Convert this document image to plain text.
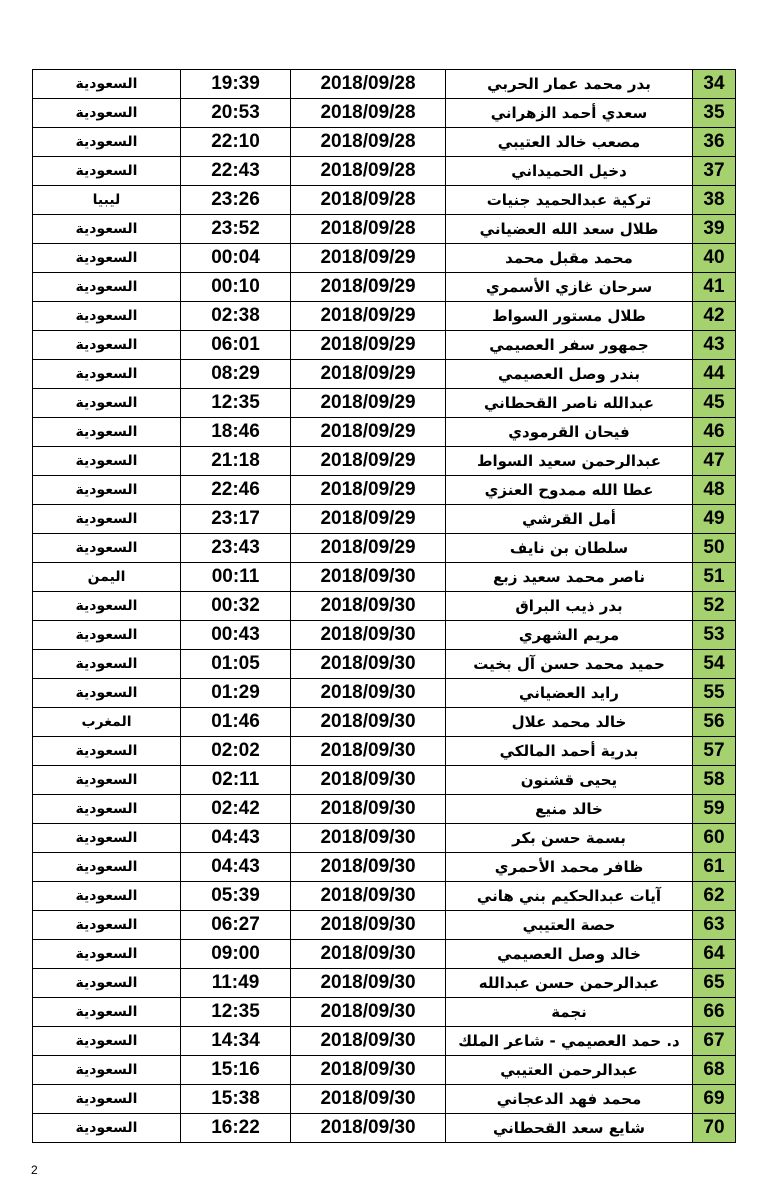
السعودية	19:39	2018/09/28	بدر محمد عمار الحربي	34
السعودية	20:53	2018/09/28	سعدي أحمد الزهراني	35
السعودية	22:10	2018/09/28	مصعب خالد العتيبي	36
السعودية	22:43	2018/09/28	دخيل الحميداني	37
ليبيا	23:26	2018/09/28	تركية عبدالحميد جنيات	38
السعودية	23:52	2018/09/28	طلال سعد الله العضياني	39
السعودية	00:04	2018/09/29	محمد مقبل محمد	40
السعودية	00:10	2018/09/29	سرحان غازي الأسمري	41
السعودية	02:38	2018/09/29	طلال مستور السواط	42
السعودية	06:01	2018/09/29	جمهور سفر العصيمي	43
السعودية	08:29	2018/09/29	بندر وصل العصيمي	44
السعودية	12:35	2018/09/29	عبدالله ناصر القحطاني	45
السعودية	18:46	2018/09/29	فيحان القرمودي	46
السعودية	21:18	2018/09/29	عبدالرحمن سعيد السواط	47
السعودية	22:46	2018/09/29	عطا الله ممدوح العنزي	48
السعودية	23:17	2018/09/29	أمل القرشي	49
السعودية	23:43	2018/09/29	سلطان بن نايف	50
اليمن	00:11	2018/09/30	ناصر محمد سعيد زبع	51
السعودية	00:32	2018/09/30	بدر ذيب البراق	52
السعودية	00:43	2018/09/30	مريم الشهري	53
السعودية	01:05	2018/09/30	حميد محمد حسن آل بخيت	54
السعودية	01:29	2018/09/30	رايد العضياني	55
المغرب	01:46	2018/09/30	خالد محمد علال	56
السعودية	02:02	2018/09/30	بدرية أحمد المالكي	57
السعودية	02:11	2018/09/30	يحيى قشنون	58
السعودية	02:42	2018/09/30	خالد منيع	59
السعودية	04:43	2018/09/30	بسمة حسن بكر	60
السعودية	04:43	2018/09/30	ظافر محمد الأحمري	61
السعودية	05:39	2018/09/30	آيات عبدالحكيم بني هاني	62
السعودية	06:27	2018/09/30	حصة العتيبي	63
السعودية	09:00	2018/09/30	خالد وصل العصيمي	64
السعودية	11:49	2018/09/30	عبدالرحمن حسن عبدالله	65
السعودية	12:35	2018/09/30	نجمة	66
السعودية	14:34	2018/09/30	د. حمد العصيمي - شاعر الملك	67
السعودية	15:16	2018/09/30	عبدالرحمن العتيبي	68
السعودية	15:38	2018/09/30	محمد فهد الدعجاني	69
السعودية	16:22	2018/09/30	شايع سعد القحطاني	70
2
